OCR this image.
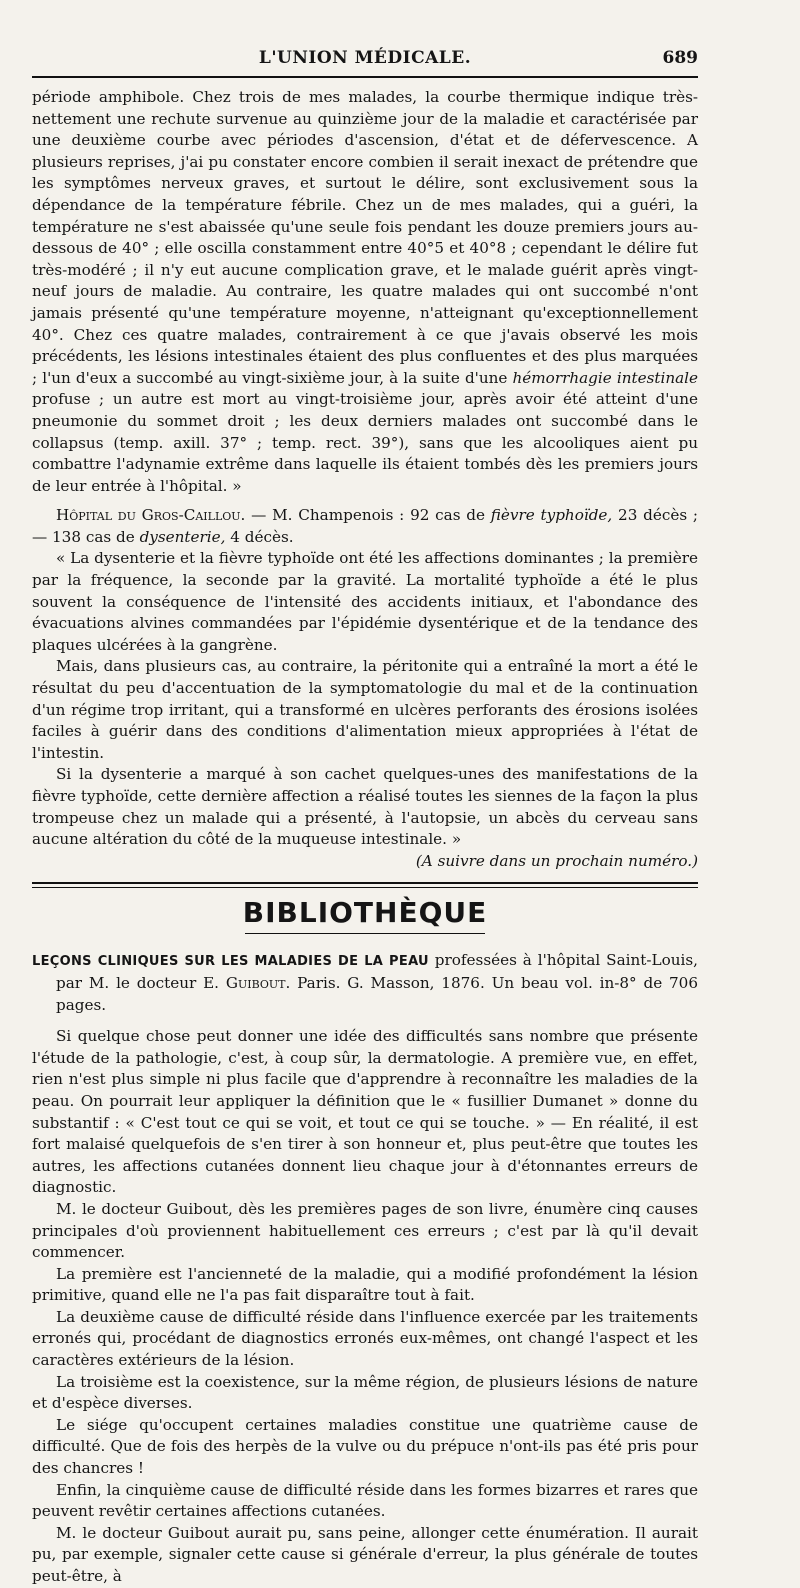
L'UNION MÉDICALE.	689

période amphibole. Chez trois de mes malades, la courbe thermique indique très-nettement une rechute survenue au quinzième jour de la maladie et caractérisée par une deuxième courbe avec périodes d'ascension, d'état et de défervescence. A plusieurs reprises, j'ai pu constater encore combien il serait inexact de prétendre que les symptômes nerveux graves, et surtout le délire, sont exclusivement sous la dépendance de la température fébrile. Chez un de mes malades, qui a guéri, la température ne s'est abaissée qu'une seule fois pendant les douze premiers jours au-dessous de 40° ; elle oscilla constamment entre 40°5 et 40°8 ; cependant le délire fut très-modéré ; il n'y eut aucune complication grave, et le malade guérit après vingt-neuf jours de maladie. Au contraire, les quatre malades qui ont succombé n'ont jamais présenté qu'une température moyenne, n'atteignant qu'exceptionnellement 40°. Chez ces quatre malades, contrairement à ce que j'avais observé les mois précédents, les lésions intestinales étaient des plus confluentes et des plus marquées ; l'un d'eux a succombé au vingt-sixième jour, à la suite d'une hémorrhagie intestinale profuse ; un autre est mort au vingt-troisième jour, après avoir été atteint d'une pneumonie du sommet droit ; les deux derniers malades ont succombé dans le collapsus (temp. axill. 37° ; temp. rect. 39°), sans que les alcooliques aient pu combattre l'adynamie extrême dans laquelle ils étaient tombés dès les premiers jours de leur entrée à l'hôpital. »

Hôpital du Gros-Caillou. — M. Champenois : 92 cas de fièvre typhoïde, 23 décès ; — 138 cas de dysenterie, 4 décès.

« La dysenterie et la fièvre typhoïde ont été les affections dominantes ; la première par la fréquence, la seconde par la gravité. La mortalité typhoïde a été le plus souvent la conséquence de l'intensité des accidents initiaux, et l'abondance des évacuations alvines commandées par l'épidémie dysentérique et de la tendance des plaques ulcérées à la gangrène.

Mais, dans plusieurs cas, au contraire, la péritonite qui a entraîné la mort a été le résultat du peu d'accentuation de la symptomatologie du mal et de la continuation d'un régime trop irritant, qui a transformé en ulcères perforants des érosions isolées faciles à guérir dans des conditions d'alimentation mieux appropriées à l'état de l'intestin.

Si la dysenterie a marqué à son cachet quelques-unes des manifestations de la fièvre typhoïde, cette dernière affection a réalisé toutes les siennes de la façon la plus trompeuse chez un malade qui a présenté, à l'autopsie, un abcès du cerveau sans aucune altération du côté de la muqueuse intestinale. »

(A suivre dans un prochain numéro.)

BIBLIOTHÈQUE

LEÇONS CLINIQUES SUR LES MALADIES DE LA PEAU professées à l'hôpital Saint-Louis, par M. le docteur E. Guibout. Paris. G. Masson, 1876. Un beau vol. in-8° de 706 pages.

Si quelque chose peut donner une idée des difficultés sans nombre que présente l'étude de la pathologie, c'est, à coup sûr, la dermatologie. A première vue, en effet, rien n'est plus simple ni plus facile que d'apprendre à reconnaître les maladies de la peau. On pourrait leur appliquer la définition que le « fusillier Dumanet » donne du substantif : « C'est tout ce qui se voit, et tout ce qui se touche. » — En réalité, il est fort malaisé quelquefois de s'en tirer à son honneur et, plus peut-être que toutes les autres, les affections cutanées donnent lieu chaque jour à d'étonnantes erreurs de diagnostic.

M. le docteur Guibout, dès les premières pages de son livre, énumère cinq causes principales d'où proviennent habituellement ces erreurs ; c'est par là qu'il devait commencer.

La première est l'ancienneté de la maladie, qui a modifié profondément la lésion primitive, quand elle ne l'a pas fait disparaître tout à fait.

La deuxième cause de difficulté réside dans l'influence exercée par les traitements erronés qui, procédant de diagnostics erronés eux-mêmes, ont changé l'aspect et les caractères extérieurs de la lésion.

La troisième est la coexistence, sur la même région, de plusieurs lésions de nature et d'espèce diverses.

Le siége qu'occupent certaines maladies constitue une quatrième cause de difficulté. Que de fois des herpès de la vulve ou du prépuce n'ont-ils pas été pris pour des chancres !

Enfin, la cinquième cause de difficulté réside dans les formes bizarres et rares que peuvent revêtir certaines affections cutanées.

M. le docteur Guibout aurait pu, sans peine, allonger cette énumération. Il aurait pu, par exemple, signaler cette cause si générale d'erreur, la plus générale de toutes peut-être, à
